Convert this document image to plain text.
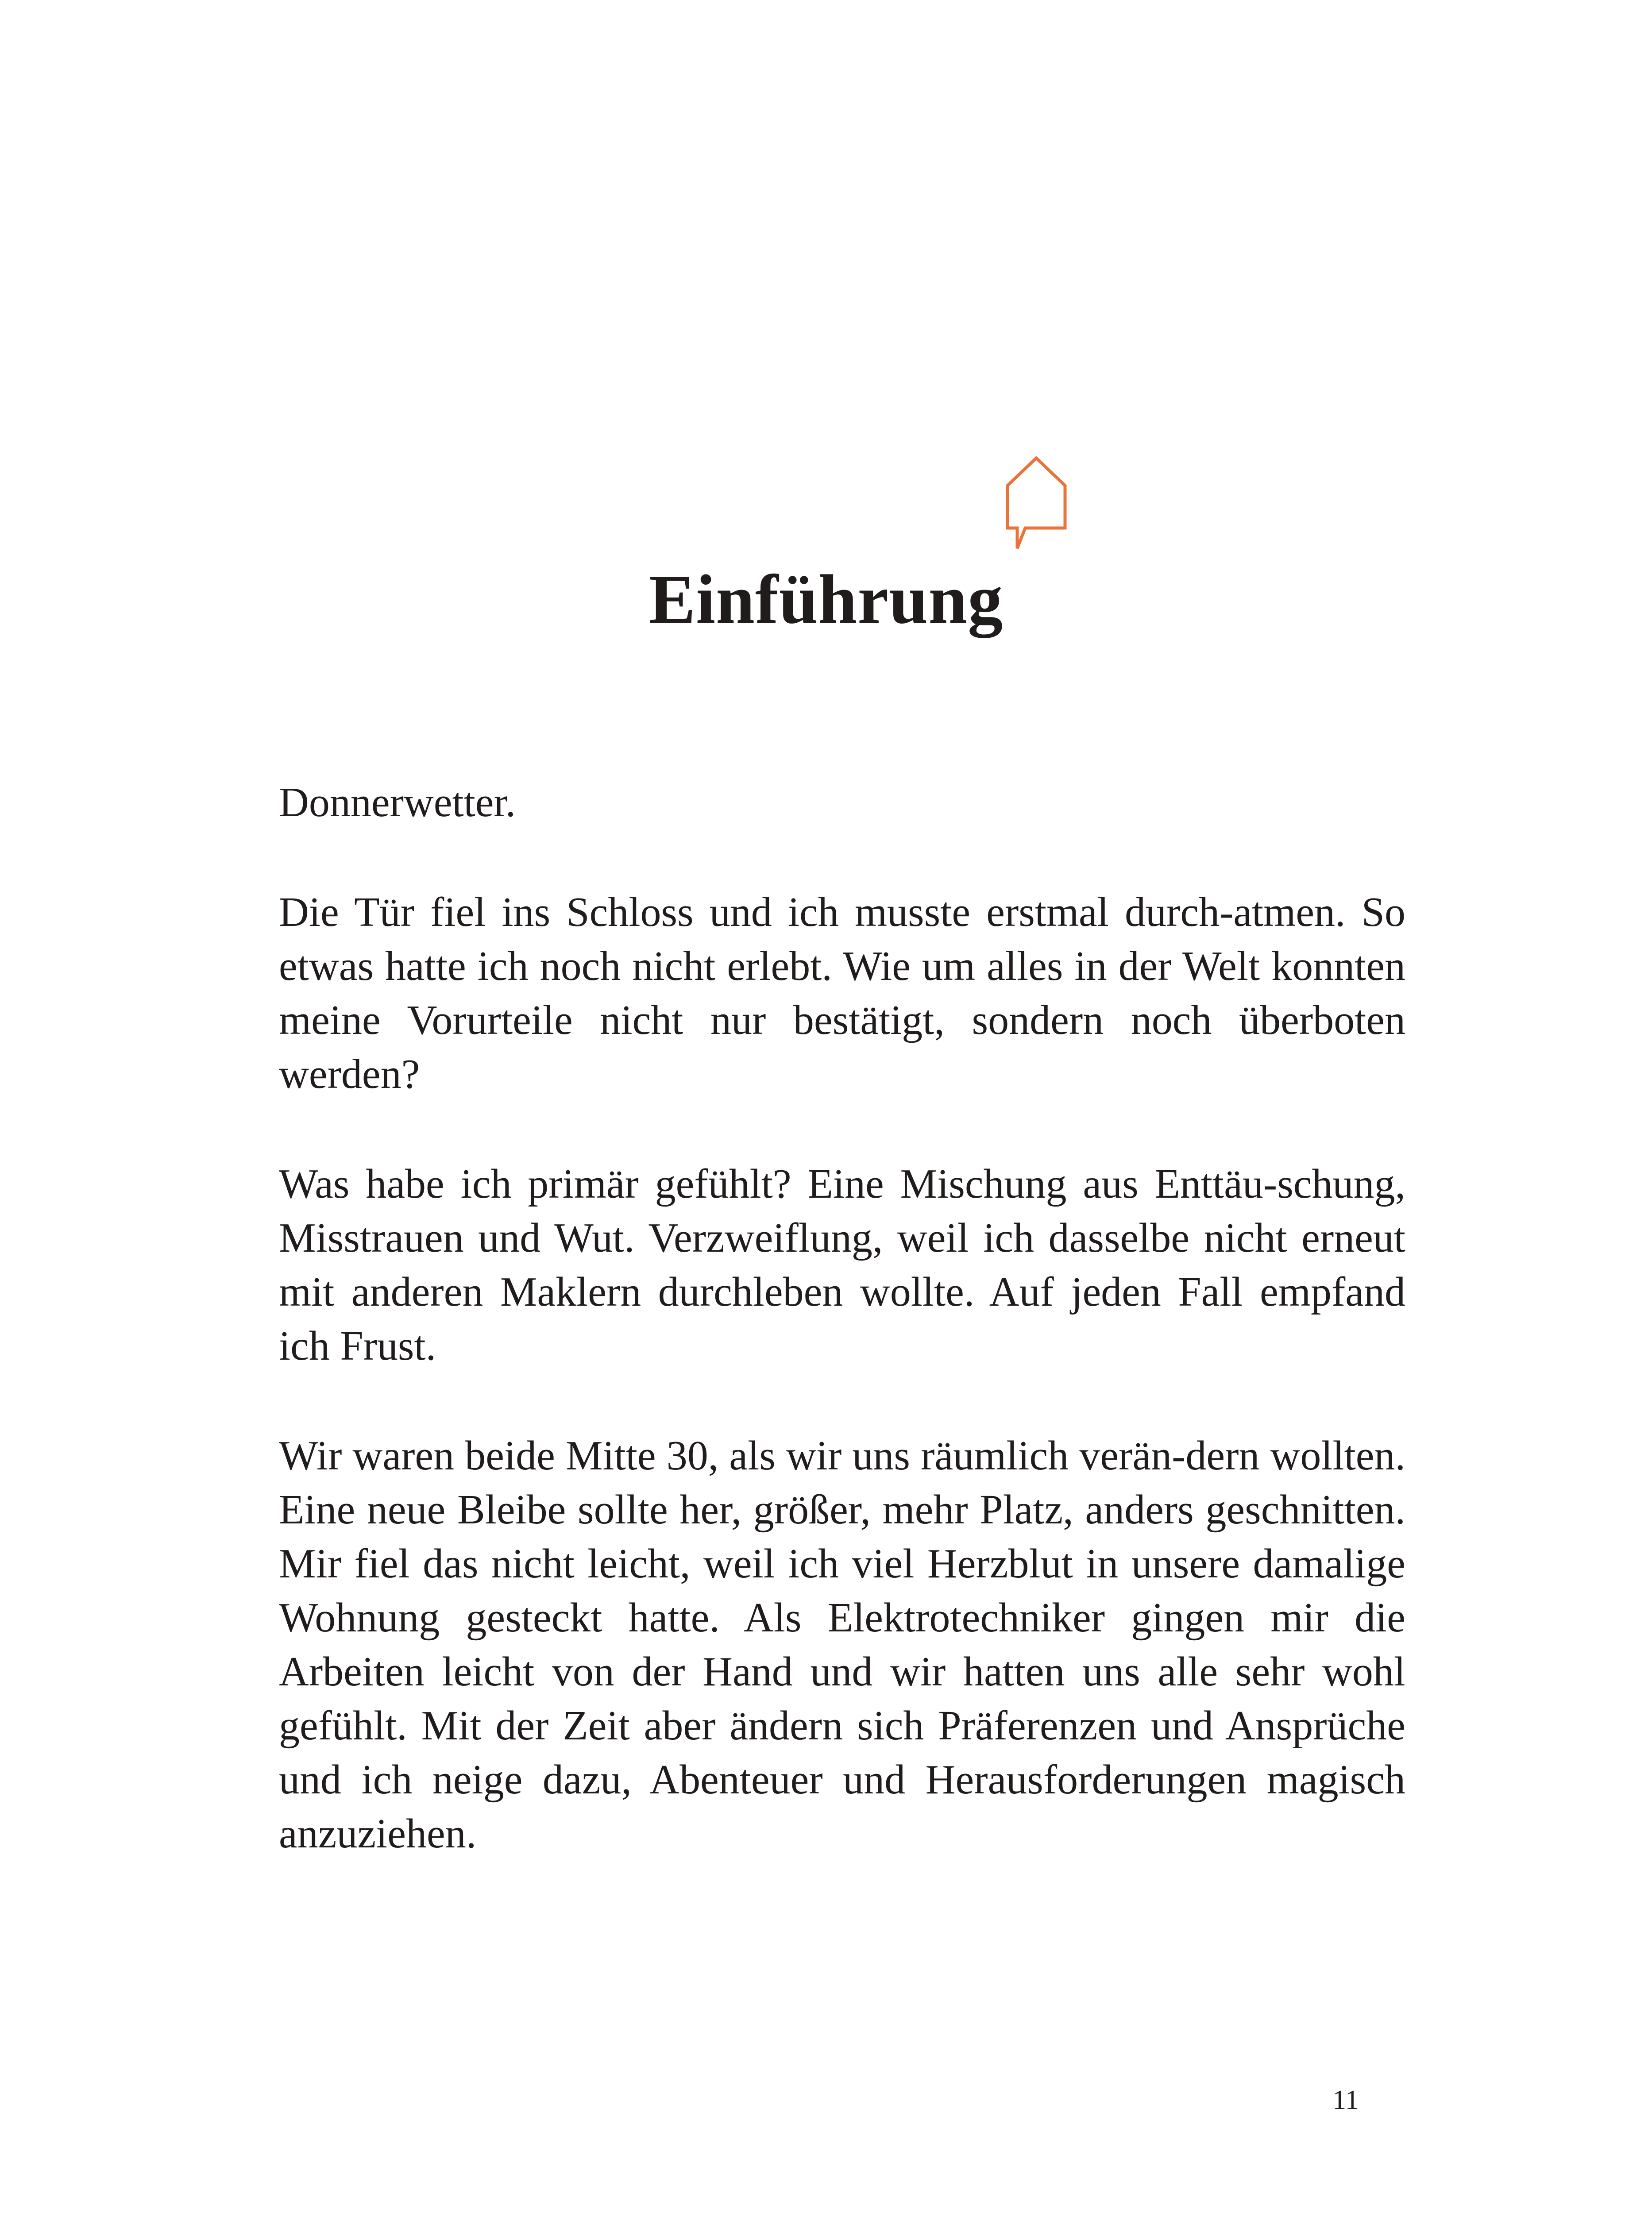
Einführung

Donnerwetter.

Die Tür fiel ins Schloss und ich musste erstmal durch-atmen. So etwas hatte ich noch nicht erlebt. Wie um alles in der Welt konnten meine Vorurteile nicht nur bestätigt, sondern noch überboten werden?

Was habe ich primär gefühlt? Eine Mischung aus Enttäu-schung, Misstrauen und Wut. Verzweiflung, weil ich dasselbe nicht erneut mit anderen Maklern durchleben wollte. Auf jeden Fall empfand ich Frust.

Wir waren beide Mitte 30, als wir uns räumlich verän-dern wollten. Eine neue Bleibe sollte her, größer, mehr Platz, anders geschnitten. Mir fiel das nicht leicht, weil ich viel Herzblut in unsere damalige Wohnung gesteckt hatte. Als Elektrotechniker gingen mir die Arbeiten leicht von der Hand und wir hatten uns alle sehr wohl gefühlt. Mit der Zeit aber ändern sich Präferenzen und Ansprüche und ich neige dazu, Abenteuer und Herausforderungen magisch anzuziehen.

11
